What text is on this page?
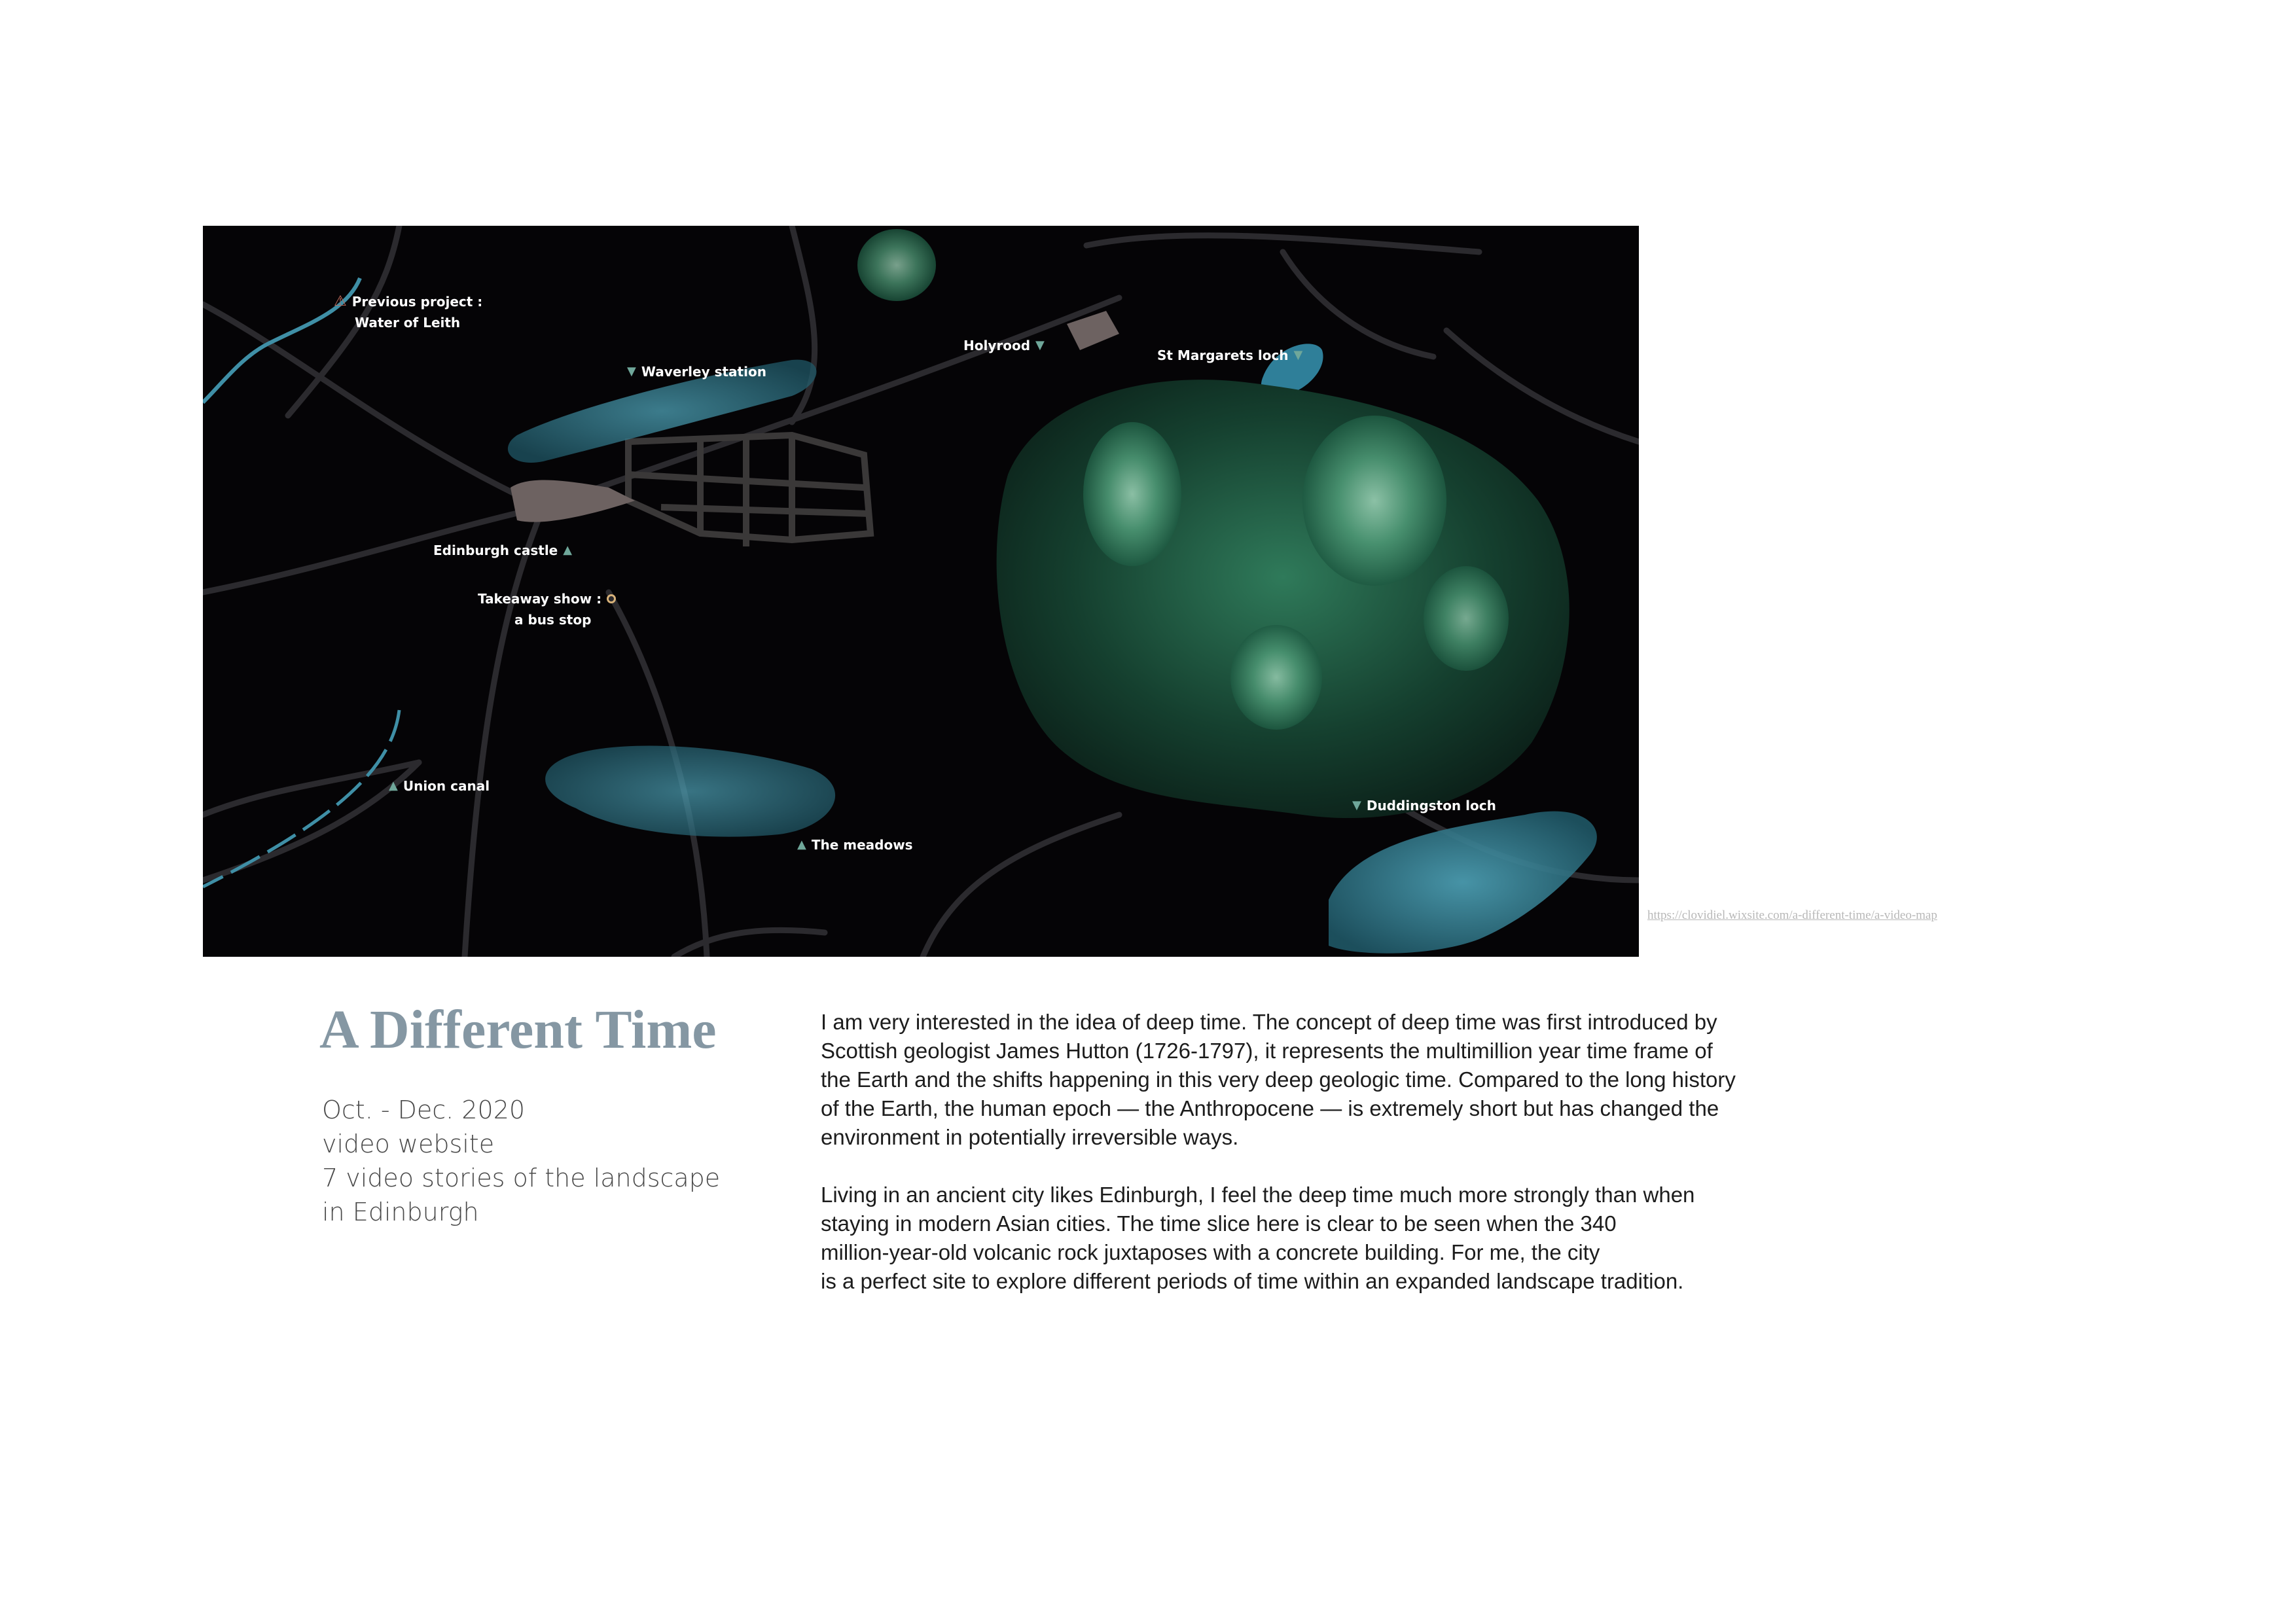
⚠ Previous project :
Water of Leith
▼ Waverley station
Holyrood ▼
St Margarets loch ▼
Edinburgh castle ▲
Takeaway show :
a bus stop
▲ Union canal
▼ Duddingston loch
▲ The meadows
Video map on the website
Click the link below to explore
https://clovidiel.wixsite.com/a-different-time/a-video-map
A Different Time
Oct. - Dec. 2020
video website
7 video stories of the landscape
in Edinburgh

I am very interested in the idea of deep time. The concept of deep time was first introduced by
Scottish geologist James Hutton (1726-1797), it represents the multimillion year time frame of
the Earth and the shifts happening in this very deep geologic time. Compared to the long history
of the Earth, the human epoch — the Anthropocene — is extremely short but has changed the
environment in potentially irreversible ways.

Living in an ancient city likes Edinburgh, I feel the deep time much more strongly than when
staying in modern Asian cities. The time slice here is clear to be seen when the 340
million-year-old volcanic rock juxtaposes with a concrete building. For me, the city
is a perfect site to explore different periods of time within an expanded landscape tradition.
